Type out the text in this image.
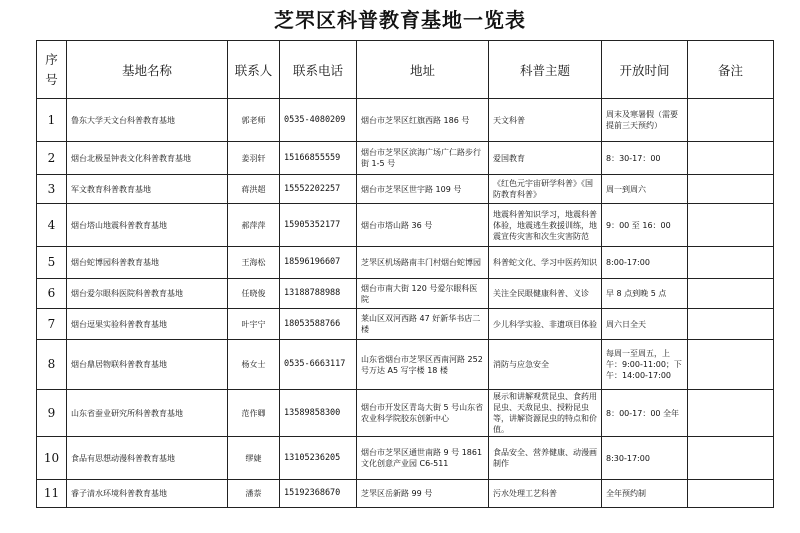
芝罘区科普教育基地一览表
序
号	基地名称	联系人	联系电话	地址	科普主题	开放时间	备注
1	鲁东大学天文台科普教育基地	郭老师	0535-4080209	烟台市芝罘区红旗西路 186 号	天文科普	周末及寒暑假（需要提前三天预约）	
2	烟台北极星钟表文化科普教育基地	姜羽轩	15166855559	烟台市芝罘区滨海广场广仁路步行街 1-5 号	爱国教育	8：30-17：00	
3	军文教育科普教育基地	蒋洪超	15552202257	烟台市芝罘区世宇路 109 号	《红色元宇宙研学科普》《国防教育科普》	周一到周六	
4	烟台塔山地震科普教育基地	郝萍萍	15905352177	烟台市塔山路 36 号	地震科普知识学习，地震科普体验，地震逃生救援训练，地震宣传灾害和次生灾害防范	9：00 至 16：00	
5	烟台蛇博园科普教育基地	王海松	18596196607	芝罘区机场路南丰门村烟台蛇博园	科普蛇文化、学习中医药知识	8:00-17:00	
6	烟台爱尔眼科医院科普教育基地	任晓俊	13188788988	烟台市南大街 120 号爱尔眼科医院	关注全民眼健康科普、义诊	早 8 点到晚 5 点	
7	烟台逗果实验科普教育基地	叶宇宁	18053588766	莱山区双河西路 47 好新华书店二楼	少儿科学实验、非遗项目体验	周六日全天	
8	烟台鼎居物联科普教育基地	杨女士	0535-6663117	山东省烟台市芝罘区西南河路 252 号万达 A5 写字楼 18 楼	消防与应急安全	每周一至周五，上午：9:00-11:00；下午：14:00-17:00	
9	山东省蚕业研究所科普教育基地	范作卿	13589858300	烟台市开发区青岛大街 5 号山东省农业科学院胶东创新中心	展示和讲解观赏昆虫、食药用昆虫、天敌昆虫、授粉昆虫等，讲解资源昆虫的特点和价值。	8：00-17：00 全年	
10	食品有思想动漫科普教育基地	缪婕	13105236205	烟台市芝罘区通世南路 9 号 1861 文化创意产业园 C6-511	食品安全、营养健康、动漫画制作	8:30-17:00	
11	睿子清水环境科普教育基地	潘萘	15192368670	芝罘区岳新路 99 号	污水处理工艺科普	全年预约制	
